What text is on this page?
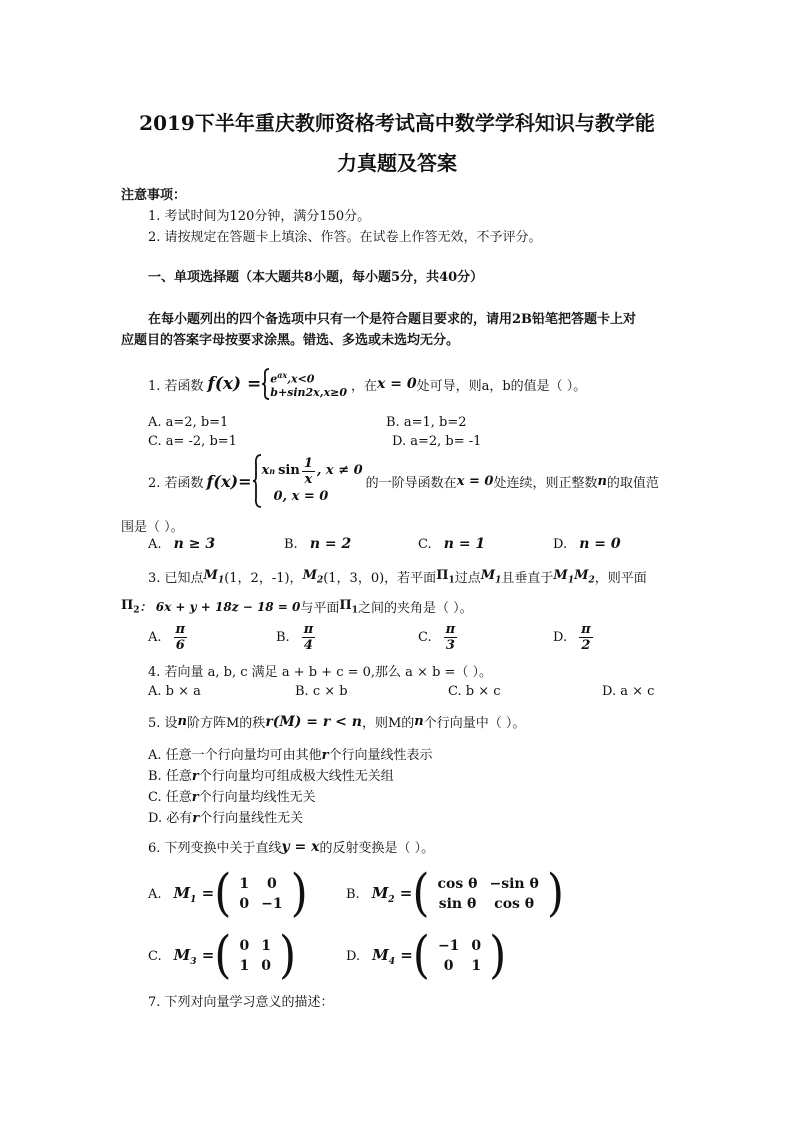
2019下半年重庆教师资格考试高中数学学科知识与教学能
力真题及答案
注意事项：
1. 考试时间为120分钟，满分150分。
2. 请按规定在答题卡上填涂、作答。在试卷上作答无效，不予评分。
一、单项选择题（本大题共8小题，每小题5分，共40分）
在每小题列出的四个备选项中只有一个是符合题目要求的，请用2B铅笔把答题卡上对
应题目的答案字母按要求涂黑。错选、多选或未选均无分。
1. 若函数 $f(x) = e^{ax},x<0$
b+sin2x,x≥0 ，在 x = 0 处可导，则a，b的值是（ ）。
A. a=2, b=1	B. a=1, b=2
C. a= -2, b=1	D. a=2, b= -1
2. 若函数 f(x)=
x n $\sin \frac{1}{x}$ , x ≠ 0
0, x = 0
的一阶导函数在 x = 0 处连续，则正整数 n 的取值范
围是（ ）。
A. n ≥ 3	B. n = 2	C. n = 1	D. n = 0
3. 已知点 $M_1$ (1，2，-1)， $M_2$ (1，3，0)，若平面 $\Pi_1$ 过点 $M_1$ 且垂直于 $M_1M_2$ ，则平面
$\Pi_2$ ： 6x + y + 18z − 18 = 0 与平面 $\Pi_1$ 之间的夹角是（ ）。
A. $\frac{\pi}{6}$	B. $\frac{\pi}{4}$	C. $\frac{\pi}{3}$	D. $\frac{\pi}{2}$
4. 若向量 a, b, c 满足 a + b + c = 0,那么 a × b =（ ）。
A. b × a	B. c × b	C. b × c	D. a × c
5. 设 n 阶方阵M的秩 r(M) = r < n ，则M的 n 个行向量中（ ）。
A. 任意一个行向量均可由其他r个行向量线性表示
B. 任意r个行向量均可组成极大线性无关组
C. 任意r个行向量均线性无关
D. 必有r个行向量线性无关
6. 下列变换中关于直线 y = x 的反射变换是（ ）。
A. $M_1$ = ( 1	0
0	−1 )	B. $M_2$ = ( cos θ	−sin θ
sin θ	cos θ )
C. $M_3$ = ( 0	1
1	0 )	D. $M_4$ = ( −1	0
0	1 )
7. 下列对向量学习意义的描述：
